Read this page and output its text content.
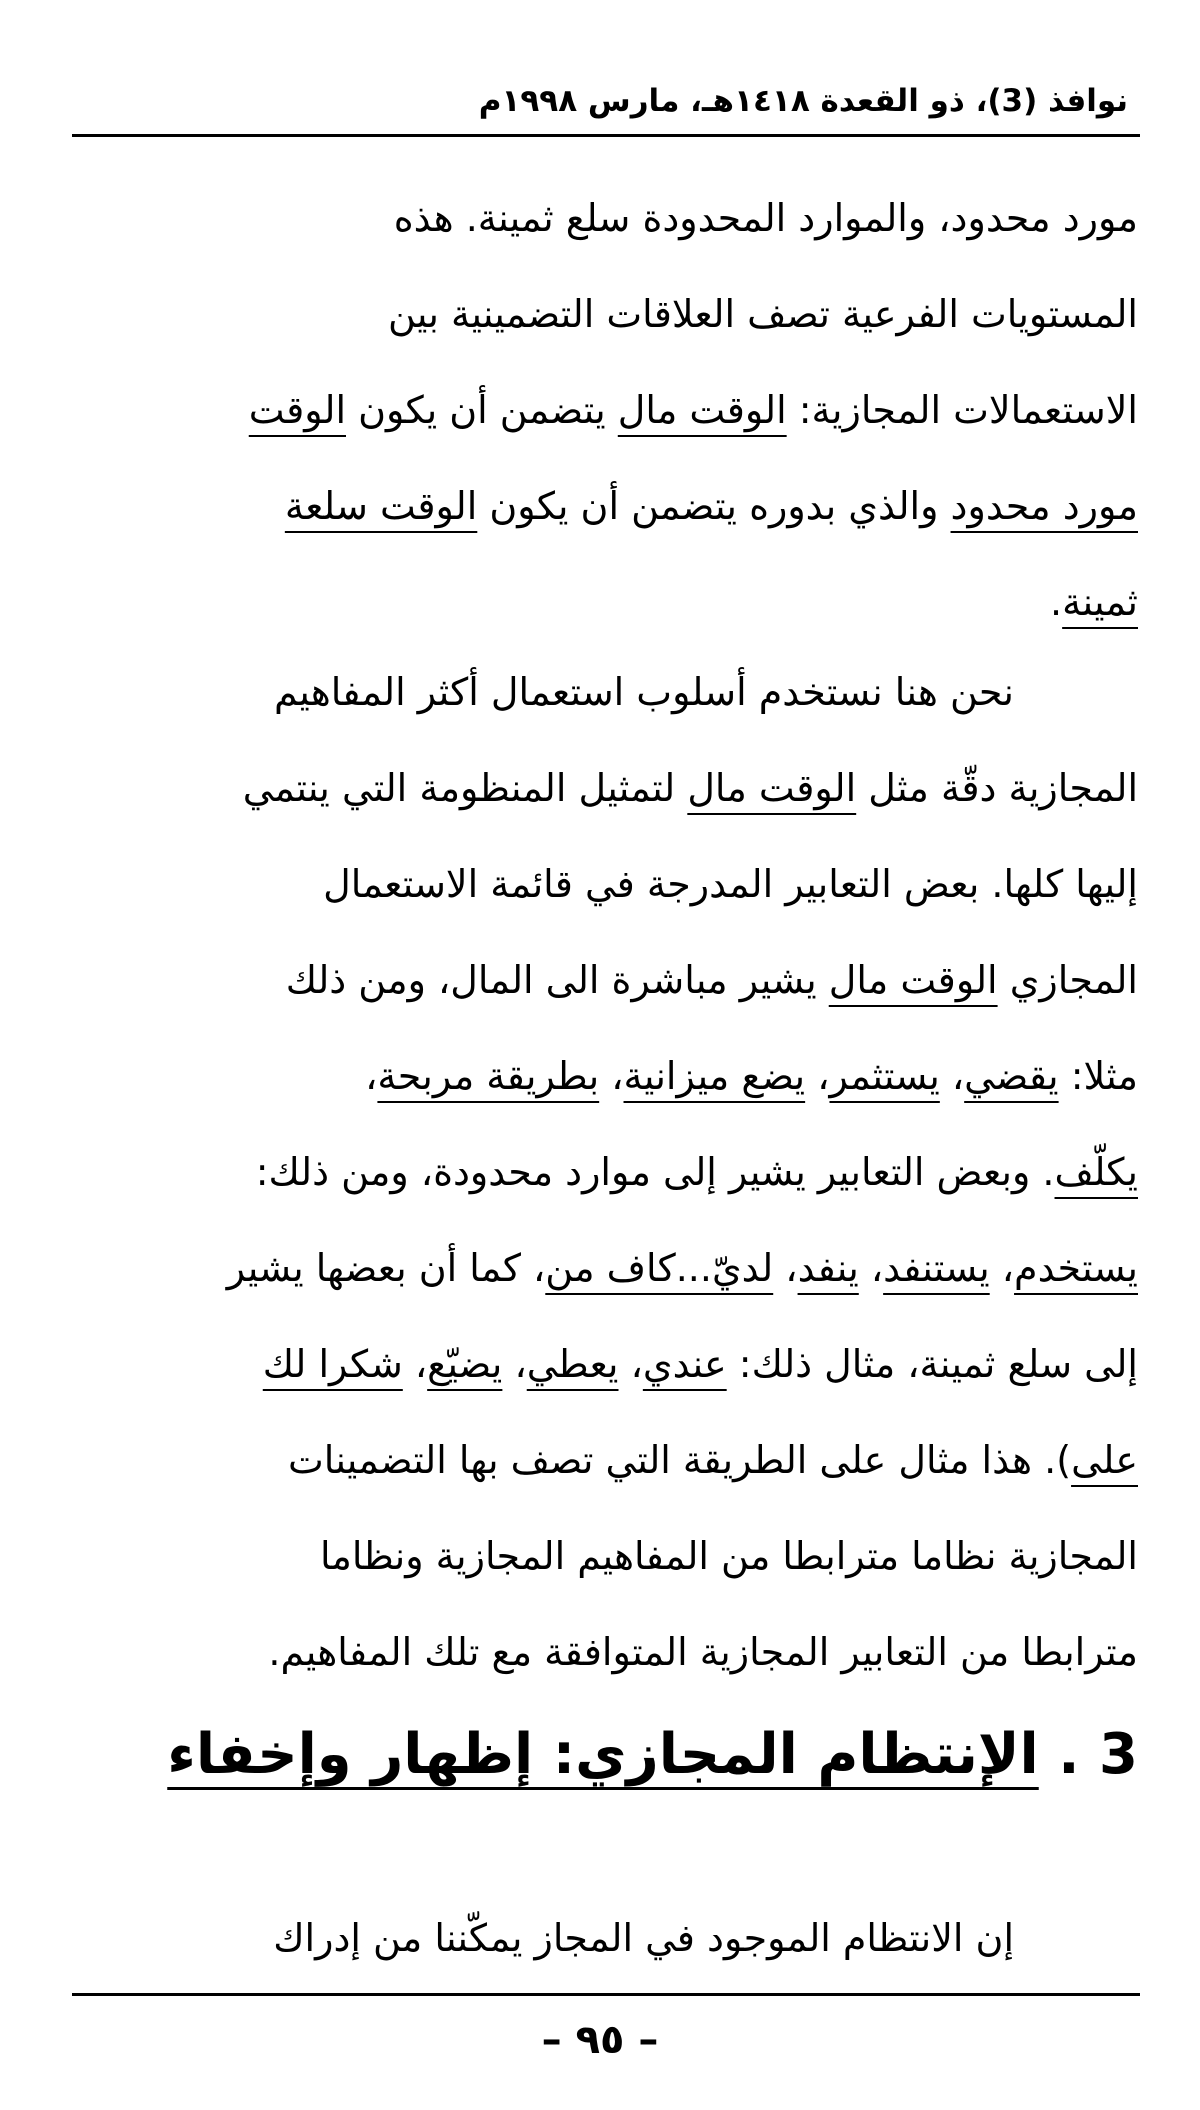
نوافذ (3)، ذو القعدة ١٤١٨هـ، مارس ١٩٩٨م
مورد محدود، والموارد المحدودة سلع ثمينة. هذه
المستويات الفرعية تصف العلاقات التضمينية بين
الاستعمالات المجازية: الوقت مال يتضمن أن يكون الوقت
مورد محدود والذي بدوره يتضمن أن يكون الوقت سلعة
ثمينة.
نحن هنا نستخدم أسلوب استعمال أكثر المفاهيم
المجازية دقّة مثل الوقت مال لتمثيل المنظومة التي ينتمي
إليها كلها. بعض التعابير المدرجة في قائمة الاستعمال
المجازي الوقت مال يشير مباشرة الى المال، ومن ذلك
مثلا: يقضي، يستثمر، يضع ميزانية، بطريقة مربحة،
يكلّف. وبعض التعابير يشير إلى موارد محدودة، ومن ذلك:
يستخدم، يستنفد، ينفد، لديّ...كاف من، كما أن بعضها يشير
إلى سلع ثمينة، مثال ذلك: عندي، يعطي، يضيّع، شكرا لك
على). هذا مثال على الطريقة التي تصف بها التضمينات
المجازية نظاما مترابطا من المفاهيم المجازية ونظاما
مترابطا من التعابير المجازية المتوافقة مع تلك المفاهيم.
3 . الإنتظام المجازي: إظهار وإخفاء
إن الانتظام الموجود في المجاز يمكّننا من إدراك
– ٩٥ –
